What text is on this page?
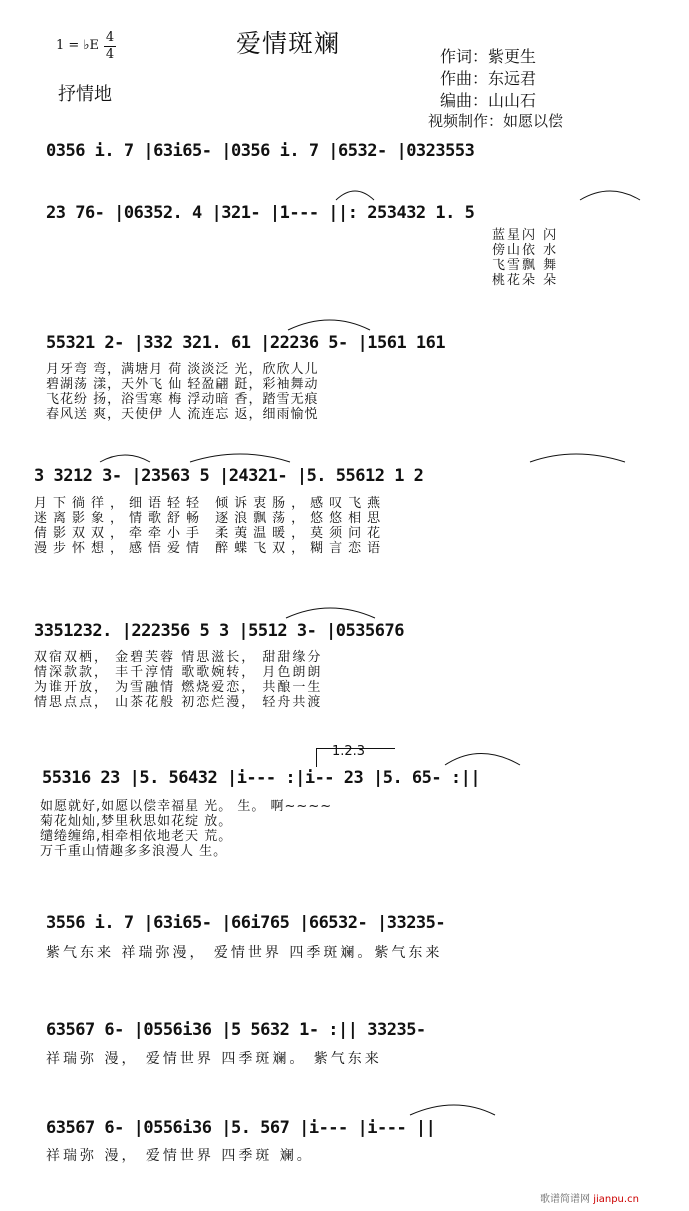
爱情斑斓
1 = ♭E
4
4
抒情地
作词：紫更生
作曲：东远君
编曲：山山石
视频制作：如愿以偿
0356 i. 7 |63i65- |0356 i. 7 |6532- |0323553
23 76- |06352. 4 |321- |1--- ||: 253432 1. 5
蓝星闪 闪
傍山依 水
飞雪飘 舞
桃花朵 朵
55321 2- |332 321. 61 |22236 5- |1561 161
月牙弯 弯，满塘月 荷 淡淡泛 光，欣欣人儿
碧湖荡 漾，天外飞 仙 轻盈翩 跹，彩袖舞动
飞花纷 扬，浴雪寒 梅 浮动暗 香，踏雪无痕
春风送 爽，天使伊 人 流连忘 返，细雨愉悦
3 3212 3- |23563 5 |24321- |5. 55612 1 2
月下徜徉，细语轻轻 倾诉衷肠，感叹飞燕
迷离影象，情歌舒畅 逐浪飘荡，悠悠相思
倩影双双，牵牵小手 柔荑温暖，莫须问花
漫步怀想，感悟爱情 醉蝶飞双，糊言恋语
3351232. |222356 5 3 |5512 3- |0535676
双宿双栖， 金碧芙蓉 情思滋长， 甜甜缘分
情深款款， 丰千淳情 歌歌婉转， 月色朗朗
为谁开放， 为雪融情 燃烧爱恋， 共酿一生
情思点点， 山茶花般 初恋烂漫， 轻舟共渡
1.2.3
55316 23 |5. 56432 |i--- :|i-- 23 |5. 65- :||
如愿就好,如愿以偿幸福星 光。 生。 啊~~~~
菊花灿灿,梦里秋思如花绽 放。
缱绻缠绵,相牵相依地老天 荒。
万千重山情趣多多浪漫人 生。
3556 i. 7 |63i65- |66i765 |66532- |33235-
紫气东来 祥瑞弥漫， 爱情世界 四季斑斓。紫气东来
63567 6- |0556i36 |5 5632 1- :|| 33235-
祥瑞弥 漫， 爱情世界 四季斑斓。 紫气东来
63567 6- |0556i36 |5. 567 |i--- |i--- ||
祥瑞弥 漫， 爱情世界 四季斑 斓。
歌谱简谱网 jianpu.cn
